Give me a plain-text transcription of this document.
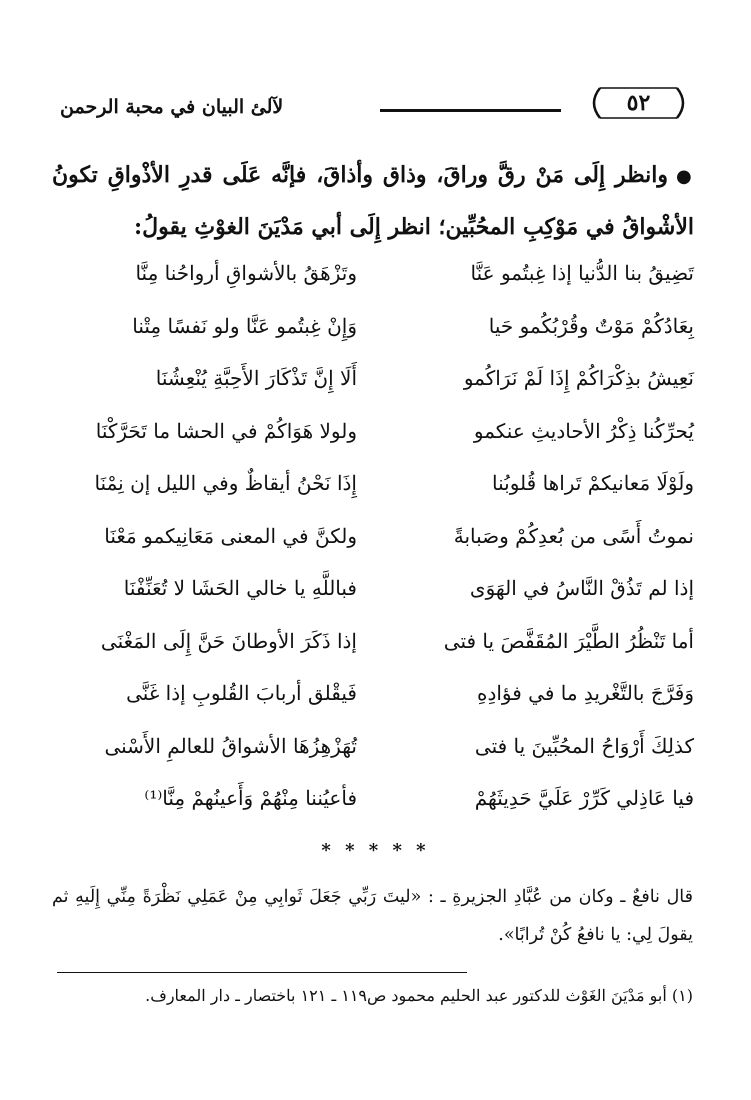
لآلئ البيان في محبة الرحمن	٥٢
●وانظر إِلَى مَنْ رقَّ وراقَ، وذاق وأذاقَ، فإنَّه عَلَى قدرِ الأذْواقِ تكونُ الأشْواقُ في مَوْكِبِ المحُبِّين؛ انظر إِلَى أبي مَدْيَنَ الغوْثِ يقولُ:
تَضِيقُ بنا الدُّنيا إذا غِبتُمو عَنَّا
وتَزْهَقُ بالأشواقِ أرواحُنا مِنَّا
بِعَادُكُمْ مَوْتٌ وقُرْبُكُمو حَيا
وَإِنْ غِبتُمو عَنَّا ولو نَفسًا مِتْنا
نَعِيشُ بذِكْرَاكُمْ إِذَا لَمْ نَرَاكُمو
أَلَا إِنَّ تَذْكَارَ الأَحِبَّةِ يُنْعِشُنَا
يُحرِّكُنا ذِكْرُ الأحاديثِ عنكمو
ولولا هَوَاكُمْ في الحشا ما تَحَرَّكْنَا
ولَوْلَا مَعانيكمْ تَراها قُلوبُنا
إِذَا نَحْنُ أيقاظٌ وفي الليل إن نِمْنَا
نموتُ أَسًى من بُعدِكُمْ وصَبابةً
ولكنَّ في المعنى مَعَانِيكمو مَعْنَا
إذا لم تَذُقْ النَّاسُ في الهَوَى
فباللَّهِ يا خالي الحَشَا لا تُعَنِّفْنَا
أما تَنْظُرُ الطَّيْرَ المُقَفَّصَ يا فتى
إذا ذَكَرَ الأوطانَ حَنَّ إِلَى المَغْنَى
وَفَرَّجَ بالتَّغْريدِ ما في فؤادِهِ
فَيقْلق أربابَ القُلوبِ إذا غَنَّى
كذلِكَ أَرْوَاحُ المحُبِّينَ يا فتى
تُهَزْهِزُهَا الأشواقُ للعالمِ الأَسْنى
فيا عَاذِلي كَرِّرْ عَلَيَّ حَدِيثَهُمْ
فأعيُننا مِنْهُمْ وَأَعينُهمْ مِنَّا⁽¹⁾
* * * * *
قال نافعٌ ـ وكان من عُبَّادِ الجزيرةِ ـ : «ليتَ رَبِّي جَعَلَ ثَوابِي مِنْ عَمَلِي نَظْرَةً مِنِّي إِلَيهِ ثم يقولَ لِي: يا نافعُ كُنْ تُرابًا».
(١) أبو مَدْيَنَ الغَوْث للدكتور عبد الحليم محمود ص١١٩ ـ ١٢١ باختصار ـ دار المعارف.
